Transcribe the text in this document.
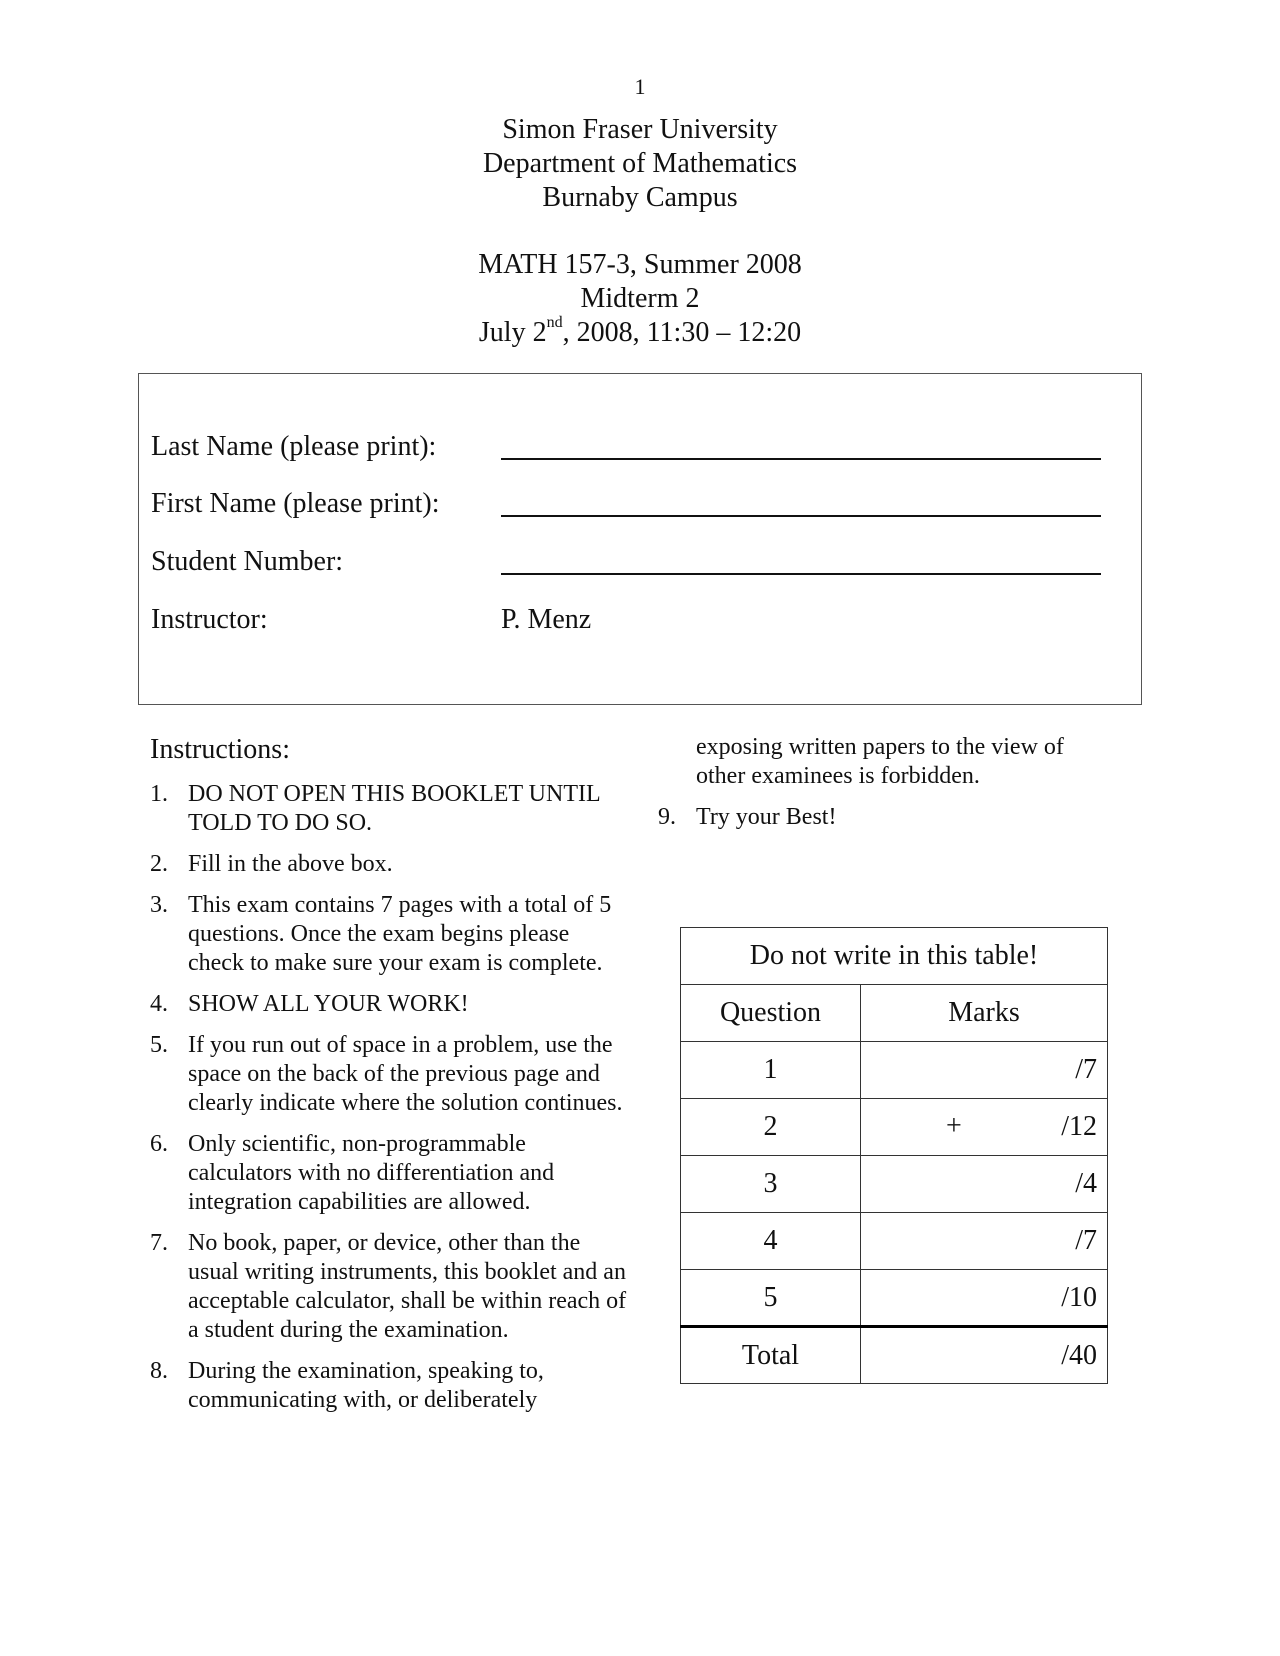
1
Simon Fraser University
Department of Mathematics
Burnaby Campus
MATH 157-3, Summer 2008
Midterm 2
July 2nd, 2008, 11:30 – 12:20
Last Name (please print):
First Name (please print):
Student Number:
Instructor:	P. Menz
Instructions:
1. DO NOT OPEN THIS BOOKLET UNTIL TOLD TO DO SO.
2. Fill in the above box.
3. This exam contains 7 pages with a total of 5 questions. Once the exam begins please check to make sure your exam is complete.
4. SHOW ALL YOUR WORK!
5. If you run out of space in a problem, use the space on the back of the previous page and clearly indicate where the solution continues.
6. Only scientific, non-programmable calculators with no differentiation and integration capabilities are allowed.
7. No book, paper, or device, other than the usual writing instruments, this booklet and an acceptable calculator, shall be within reach of a student during the examination.
8. During the examination, speaking to, communicating with, or deliberately
exposing written papers to the view of other examinees is forbidden.
9. Try your Best!
Do not write in this table!	
Question	Marks
1	/7
2	+ /12
3	/4
4	/7
5	/10
Total	/40
